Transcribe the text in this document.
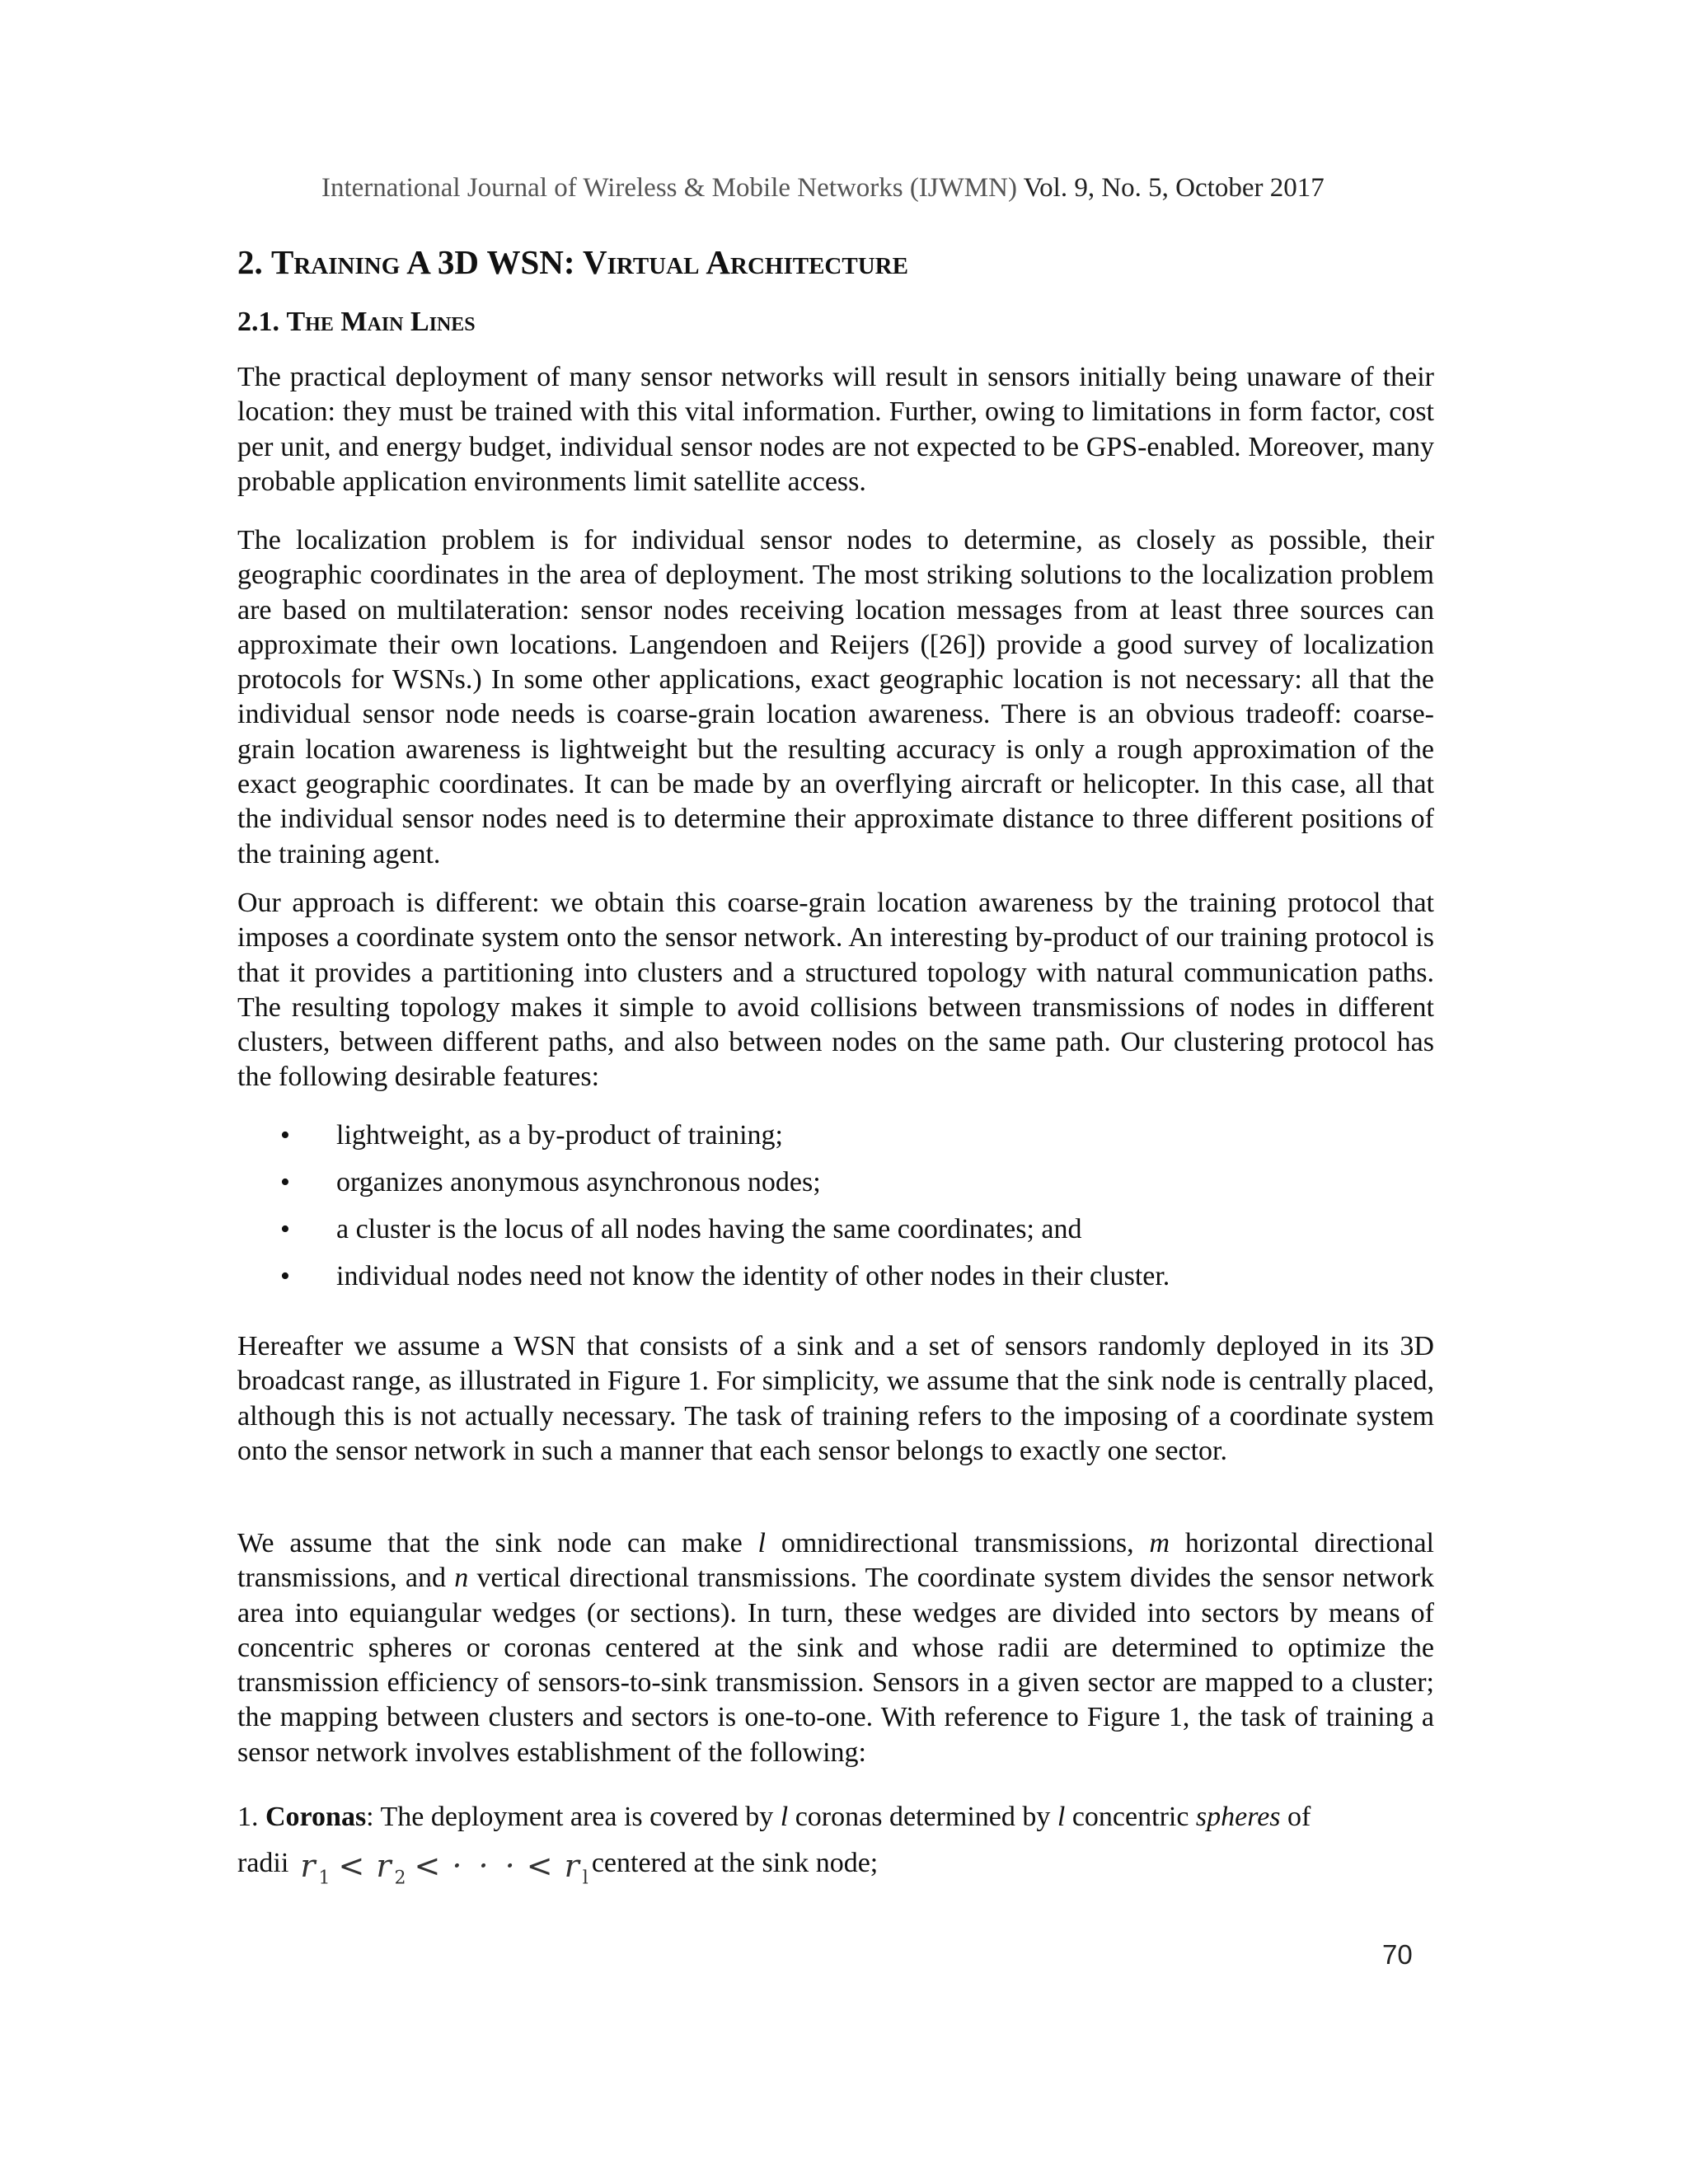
International Journal of Wireless & Mobile Networks (IJWMN) Vol. 9, No. 5, October 2017
2. Training A 3D WSN: Virtual Architecture
2.1. The Main Lines

The practical deployment of many sensor networks will result in sensors initially being unaware of their location: they must be trained with this vital information. Further, owing to limitations in form factor, cost per unit, and energy budget, individual sensor nodes are not expected to be GPS-enabled. Moreover, many probable application environments limit satellite access.

The localization problem is for individual sensor nodes to determine, as closely as possible, their geographic coordinates in the area of deployment. The most striking solutions to the localization problem are based on multilateration: sensor nodes receiving location messages from at least three sources can approximate their own locations. Langendoen and Reijers ([26]) provide a good survey of localization protocols for WSNs.) In some other applications, exact geographic location is not necessary: all that the individual sensor node needs is coarse-grain location awareness. There is an obvious tradeoff: coarse-grain location awareness is lightweight but the resulting accuracy is only a rough approximation of the exact geographic coordinates. It can be made by an overflying aircraft or helicopter. In this case, all that the individual sensor nodes need is to determine their approximate distance to three different positions of the training agent.

Our approach is different: we obtain this coarse-grain location awareness by the training protocol that imposes a coordinate system onto the sensor network. An interesting by-product of our training protocol is that it provides a partitioning into clusters and a structured topology with natural communication paths. The resulting topology makes it simple to avoid collisions between transmissions of nodes in different clusters, between different paths, and also between nodes on the same path. Our clustering protocol has the following desirable features:

• lightweight, as a by-product of training;
• organizes anonymous asynchronous nodes;
• a cluster is the locus of all nodes having the same coordinates; and
• individual nodes need not know the identity of other nodes in their cluster.

Hereafter we assume a WSN that consists of a sink and a set of sensors randomly deployed in its 3D broadcast range, as illustrated in Figure 1. For simplicity, we assume that the sink node is centrally placed, although this is not actually necessary. The task of training refers to the imposing of a coordinate system onto the sensor network in such a manner that each sensor belongs to exactly one sector.

We assume that the sink node can make l omnidirectional transmissions, m horizontal directional transmissions, and n vertical directional transmissions. The coordinate system divides the sensor network area into equiangular wedges (or sections). In turn, these wedges are divided into sectors by means of concentric spheres or coronas centered at the sink and whose radii are determined to optimize the transmission efficiency of sensors-to-sink transmission. Sensors in a given sector are mapped to a cluster; the mapping between clusters and sectors is one-to-one. With reference to Figure 1, the task of training a sensor network involves establishment of the following:

1. Coronas: The deployment area is covered by l coronas determined by l concentric spheres of
radii $r_1 < r_2$ < · · · < $r_lcentered$ at the sink node;
70
